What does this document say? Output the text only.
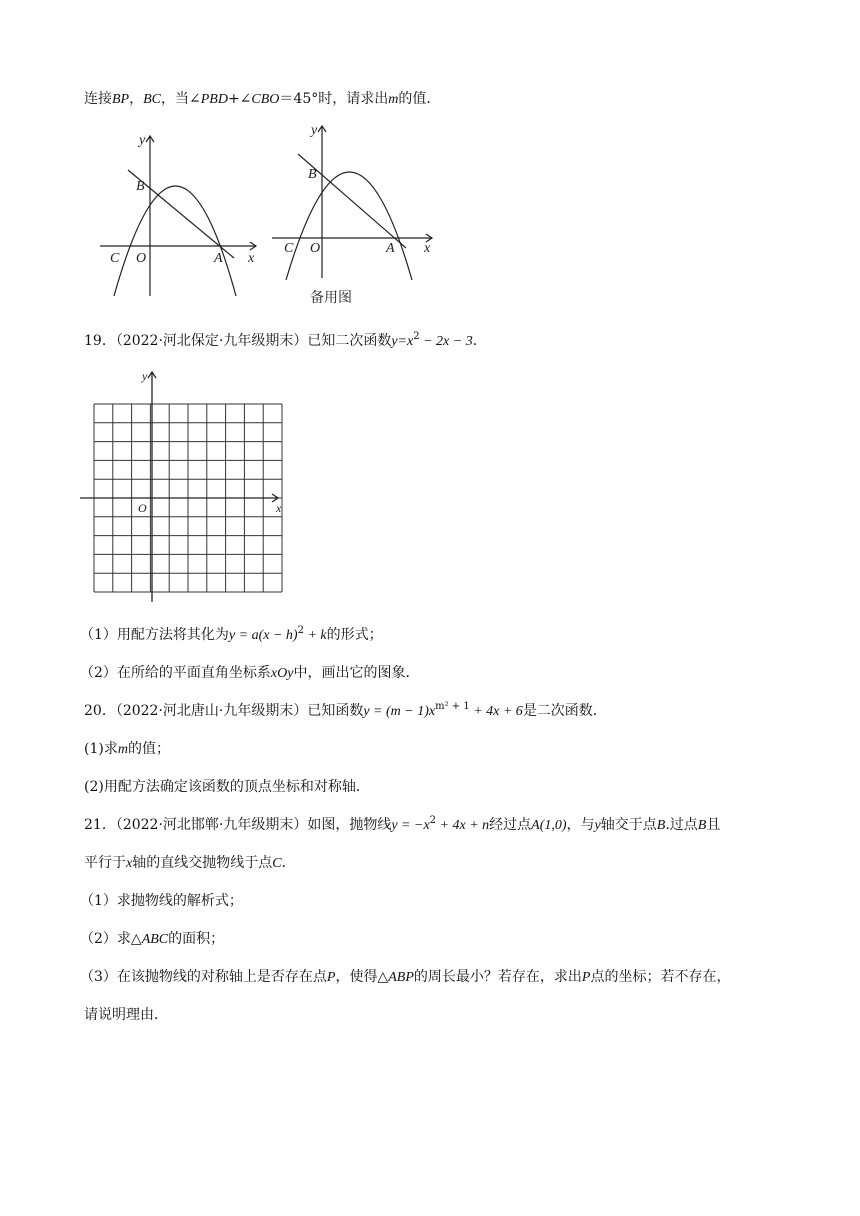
连接BP，BC，当∠PBD+∠CBO＝45°时，请求出m的值．
y
x
B
C O	A
y
x
B
C O	A
备用图
19．（2022·河北保定·九年级期末）已知二次函数$y=x^2 - 2x - 3$．
y
x
O
（1）用配方法将其化为$y = a(x - h)^2 + k$的形式；
（2）在所给的平面直角坐标系xOy中，画出它的图象．
20．（2022·河北唐山·九年级期末）已知函数$y = (m - 1)x^{m^2 + 1} + 4x + 6$是二次函数．
(1)求m的值；
(2)用配方法确定该函数的顶点坐标和对称轴．
21．（2022·河北邯郸·九年级期末）如图，抛物线$y = -x^2 + 4x + n$经过点A(1,0)，与y轴交于点B.过点B且
平行于x轴的直线交抛物线于点C．
（1）求抛物线的解析式；
（2）求△ABC的面积；
（3）在该抛物线的对称轴上是否存在点P，使得△ABP的周长最小？若存在，求出P点的坐标；若不存在，
请说明理由．
